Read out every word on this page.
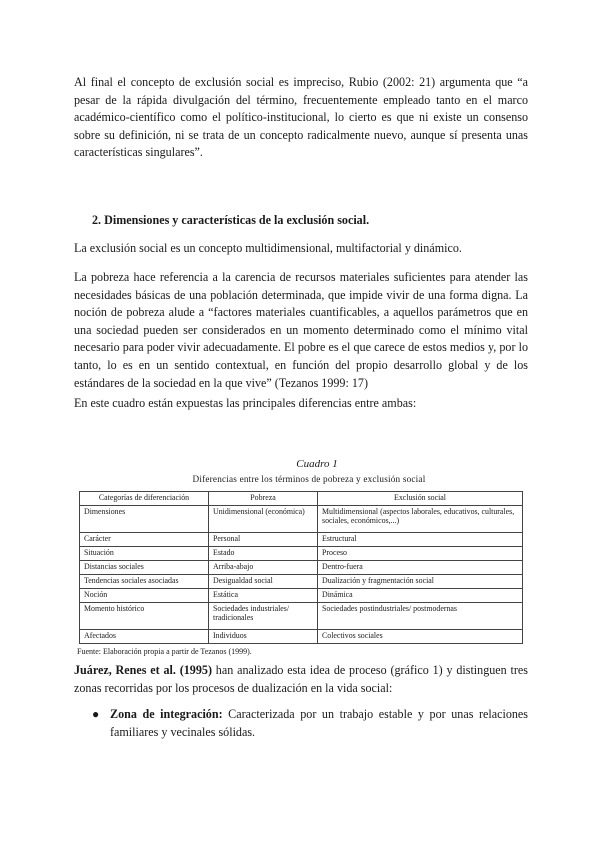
Al final el concepto de exclusión social es impreciso, Rubio (2002: 21) argumenta que “a pesar de la rápida divulgación del término, frecuentemente empleado tanto en el marco académico-científico como el político-institucional, lo cierto es que ni existe un consenso sobre su definición, ni se trata de un concepto radicalmente nuevo, aunque sí presenta unas características singulares”.

2. Dimensiones y características de la exclusión social.

La exclusión social es un concepto multidimensional, multifactorial y dinámico.

La pobreza hace referencia a la carencia de recursos materiales suficientes para atender las necesidades básicas de una población determinada, que impide vivir de una forma digna. La noción de pobreza alude a “factores materiales cuantificables, a aquellos parámetros que en una sociedad pueden ser considerados en un momento determinado como el mínimo vital necesario para poder vivir adecuadamente. El pobre es el que carece de estos medios y, por lo tanto, lo es en un sentido contextual, en función del propio desarrollo global y de los estándares de la sociedad en la que vive” (Tezanos 1999: 17)

En este cuadro están expuestas las principales diferencias entre ambas:

Cuadro 1
Diferencias entre los términos de pobreza y exclusión social
Categorías de diferenciación	Pobreza	Exclusión social
Dimensiones	Unidimensional (económica)	Multidimensional (aspectos laborales, educativos, culturales, sociales, económicos,...)
Carácter	Personal	Estructural
Situación	Estado	Proceso
Distancias sociales	Arriba-abajo	Dentro-fuera
Tendencias sociales asociadas	Desigualdad social	Dualización y fragmentación social
Noción	Estática	Dinámica
Momento histórico	Sociedades industriales/ tradicionales	Sociedades postindustriales/ postmodernas
Afectados	Individuos	Colectivos sociales
Fuente: Elaboración propia a partir de Tezanos (1999).

Juárez, Renes et al. (1995) han analizado esta idea de proceso (gráfico 1) y distinguen tres zonas recorridas por los procesos de dualización en la vida social:

● Zona de integración: Caracterizada por un trabajo estable y por unas relaciones familiares y vecinales sólidas.
